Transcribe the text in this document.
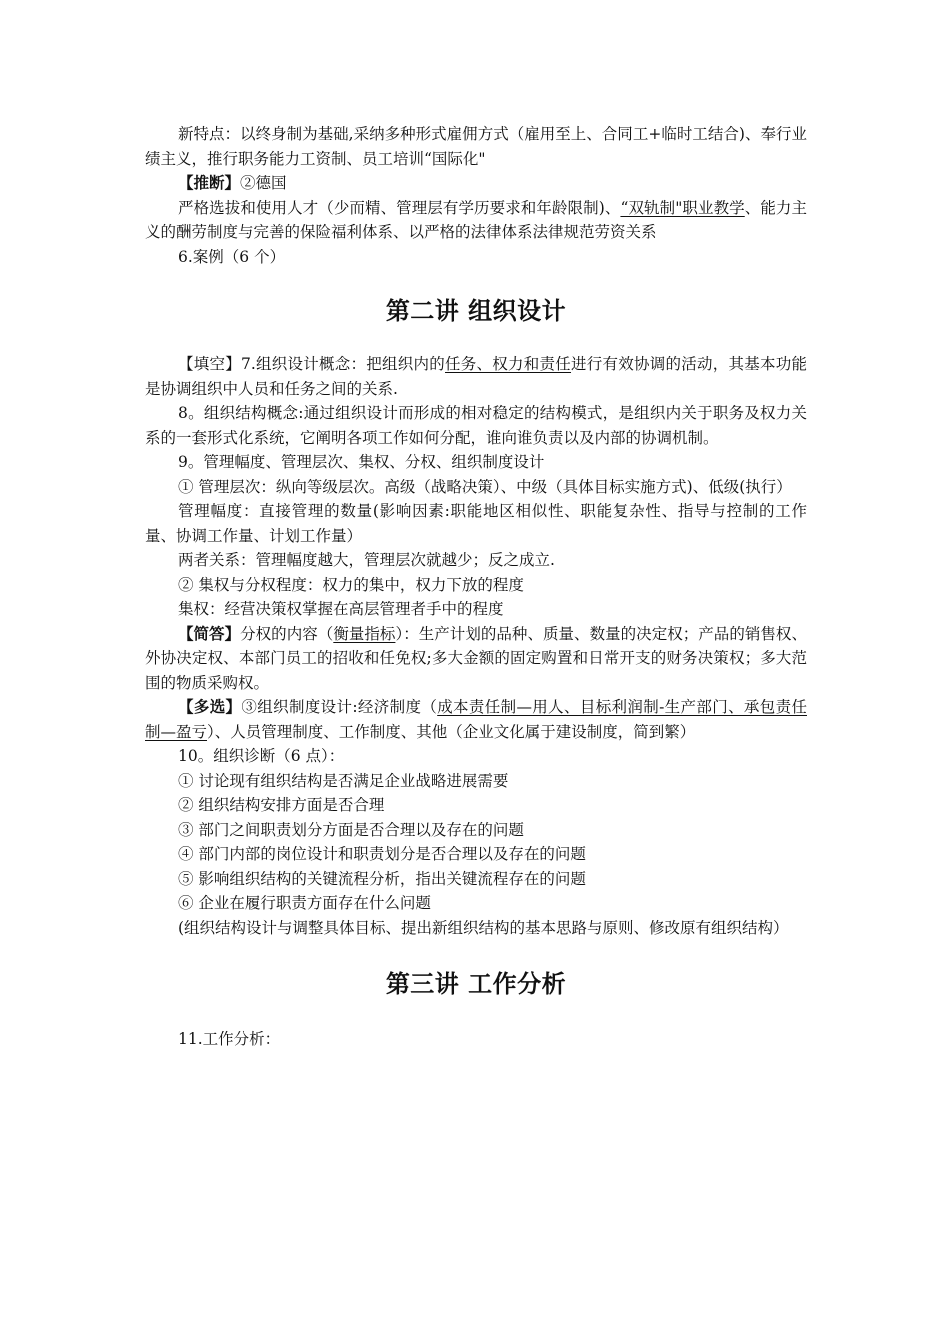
新特点：以终身制为基础,采纳多种形式雇佣方式（雇用至上、合同工+临时工结合)、奉行业绩主义，推行职务能力工资制、员工培训“国际化"

【推断】②德国

严格选拔和使用人才（少而精、管理层有学历要求和年龄限制)、“双轨制"职业教学、能力主义的酬劳制度与完善的保险福利体系、以严格的法律体系法律规范劳资关系

6.案例（6 个）

第二讲 组织设计

【填空】7.组织设计概念：把组织内的任务、权力和责任进行有效协调的活动，其基本功能是协调组织中人员和任务之间的关系.

8。组织结构概念:通过组织设计而形成的相对稳定的结构模式，是组织内关于职务及权力关系的一套形式化系统，它阐明各项工作如何分配，谁向谁负责以及内部的协调机制。

9。管理幅度、管理层次、集权、分权、组织制度设计

① 管理层次：纵向等级层次。高级（战略决策）、中级（具体目标实施方式)、低级(执行）

管理幅度：直接管理的数量(影响因素:职能地区相似性、职能复杂性、指导与控制的工作量、协调工作量、计划工作量）

两者关系：管理幅度越大，管理层次就越少；反之成立.

② 集权与分权程度：权力的集中，权力下放的程度

集权：经营决策权掌握在高层管理者手中的程度

【简答】分权的内容（衡量指标）：生产计划的品种、质量、数量的决定权；产品的销售权、外协决定权、本部门员工的招收和任免权;多大金额的固定购置和日常开支的财务决策权；多大范围的物质采购权。

【多选】③组织制度设计:经济制度（成本责任制—用人、目标利润制-生产部门、承包责任制—盈亏）、人员管理制度、工作制度、其他（企业文化属于建设制度，简到繁）

10。组织诊断（6 点）：

① 讨论现有组织结构是否满足企业战略进展需要

② 组织结构安排方面是否合理

③ 部门之间职责划分方面是否合理以及存在的问题

④ 部门内部的岗位设计和职责划分是否合理以及存在的问题

⑤ 影响组织结构的关键流程分析，指出关键流程存在的问题

⑥ 企业在履行职责方面存在什么问题

(组织结构设计与调整具体目标、提出新组织结构的基本思路与原则、修改原有组织结构）

第三讲 工作分析

11.工作分析：
